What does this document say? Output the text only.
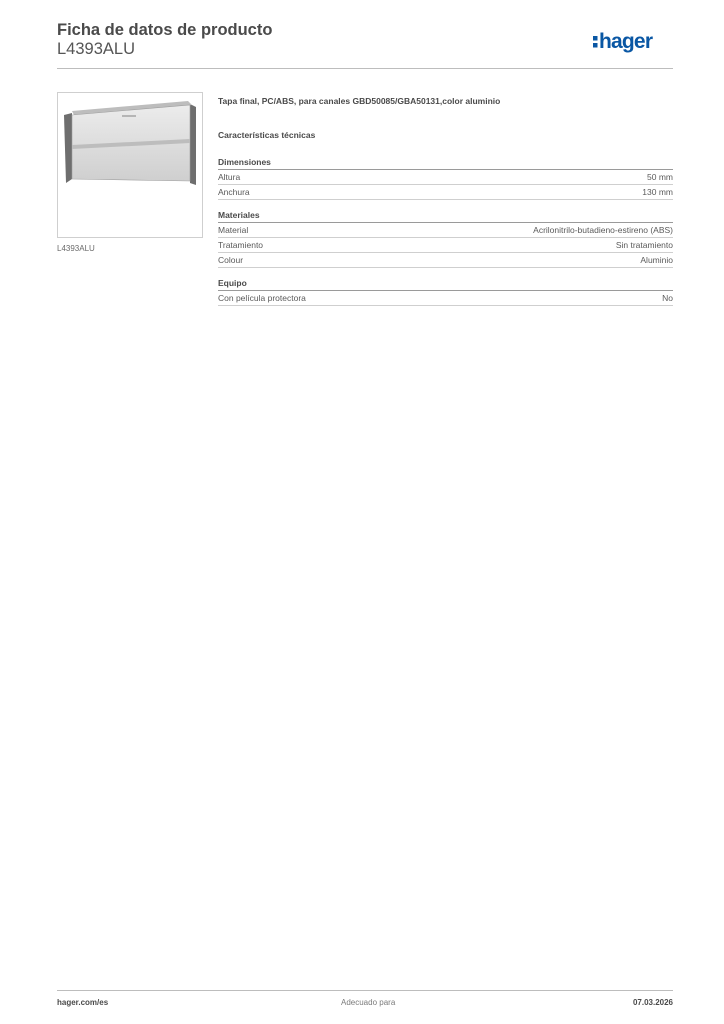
Ficha de datos de producto
L4393ALU	hager
L4393ALU
Tapa final, PC/ABS, para canales GBD50085/GBA50131,color aluminio
Características técnicas
Dimensiones
Altura	50 mm
Anchura	130 mm
Materiales
Material	Acrilonitrilo-butadieno-estireno (ABS)
Tratamiento	Sin tratamiento
Colour	Aluminio
Equipo
Con película protectora	No
hager.com/es	Adecuado para	07.03.2026
